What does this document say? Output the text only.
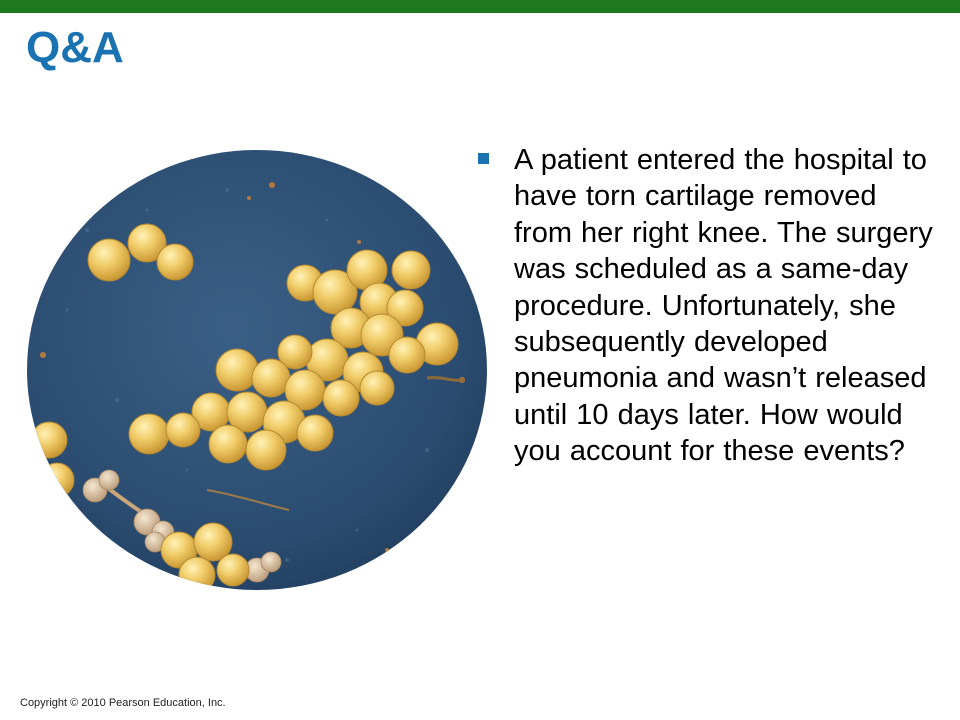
Q&A
A patient entered the hospital to have torn cartilage removed from her right knee. The surgery was scheduled as a same-day procedure. Unfortunately, she subsequently developed pneumonia and wasn’t released until 10 days later. How would you account for these events?
Copyright © 2010 Pearson Education, Inc.
